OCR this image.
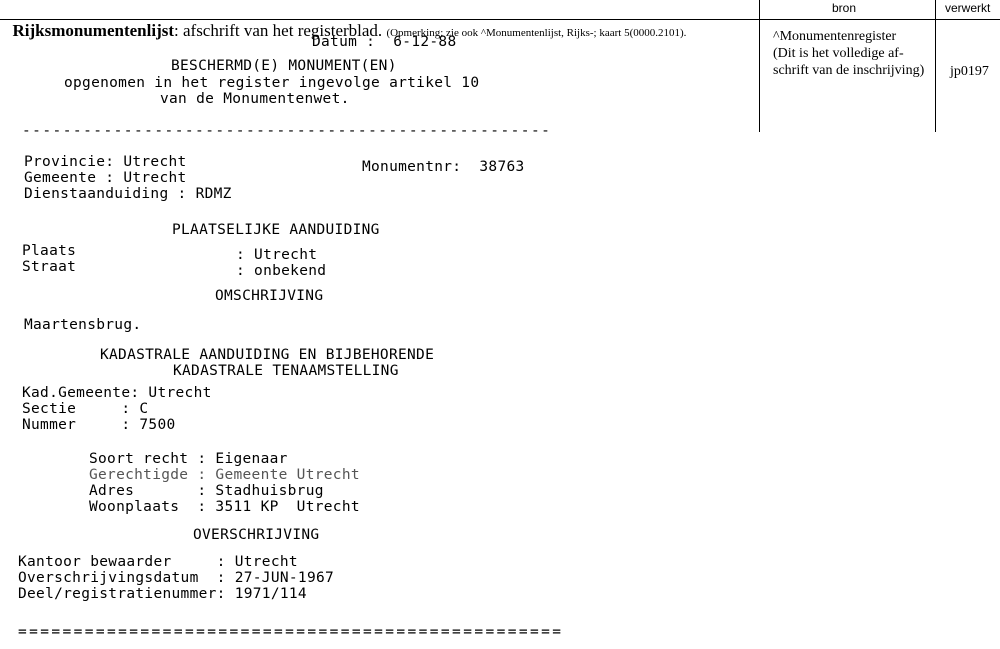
Rijksmonumentenlijst: afschrift van het registerblad. (Opmerking: zie ook ^Monumentenlijst, Rijks-; kaart 5(0000.2101).

bron	verwerkt
^Monumentenregister
(Dit is het volledige af-
schrift van de inschrijving) jp0197
Datum :  6-12-88
BESCHERMD(E) MONUMENT(EN)
opgenomen in het register ingevolge artikel 10
van de Monumentenwet.
----------------------------------------------------
Provincie: Utrecht	Monumentnr:  38763
Gemeente : Utrecht
Dienstaanduiding : RDMZ
PLAATSELIJKE AANDUIDING
Plaats	: Utrecht
Straat	: onbekend
OMSCHRIJVING
Maartensbrug.
KADASTRALE AANDUIDING EN BIJBEHORENDE
KADASTRALE TENAAMSTELLING
Kad.Gemeente: Utrecht
Sectie     : C
Nummer     : 7500
Soort recht : Eigenaar
Gerechtigde : Gemeente Utrecht
Adres       : Stadhuisbrug
Woonplaats  : 3511 KP  Utrecht
OVERSCHRIJVING
Kantoor bewaarder     : Utrecht
Overschrijvingsdatum  : 27-JUN-1967
Deel/registratienummer: 1971/114
=================================================
